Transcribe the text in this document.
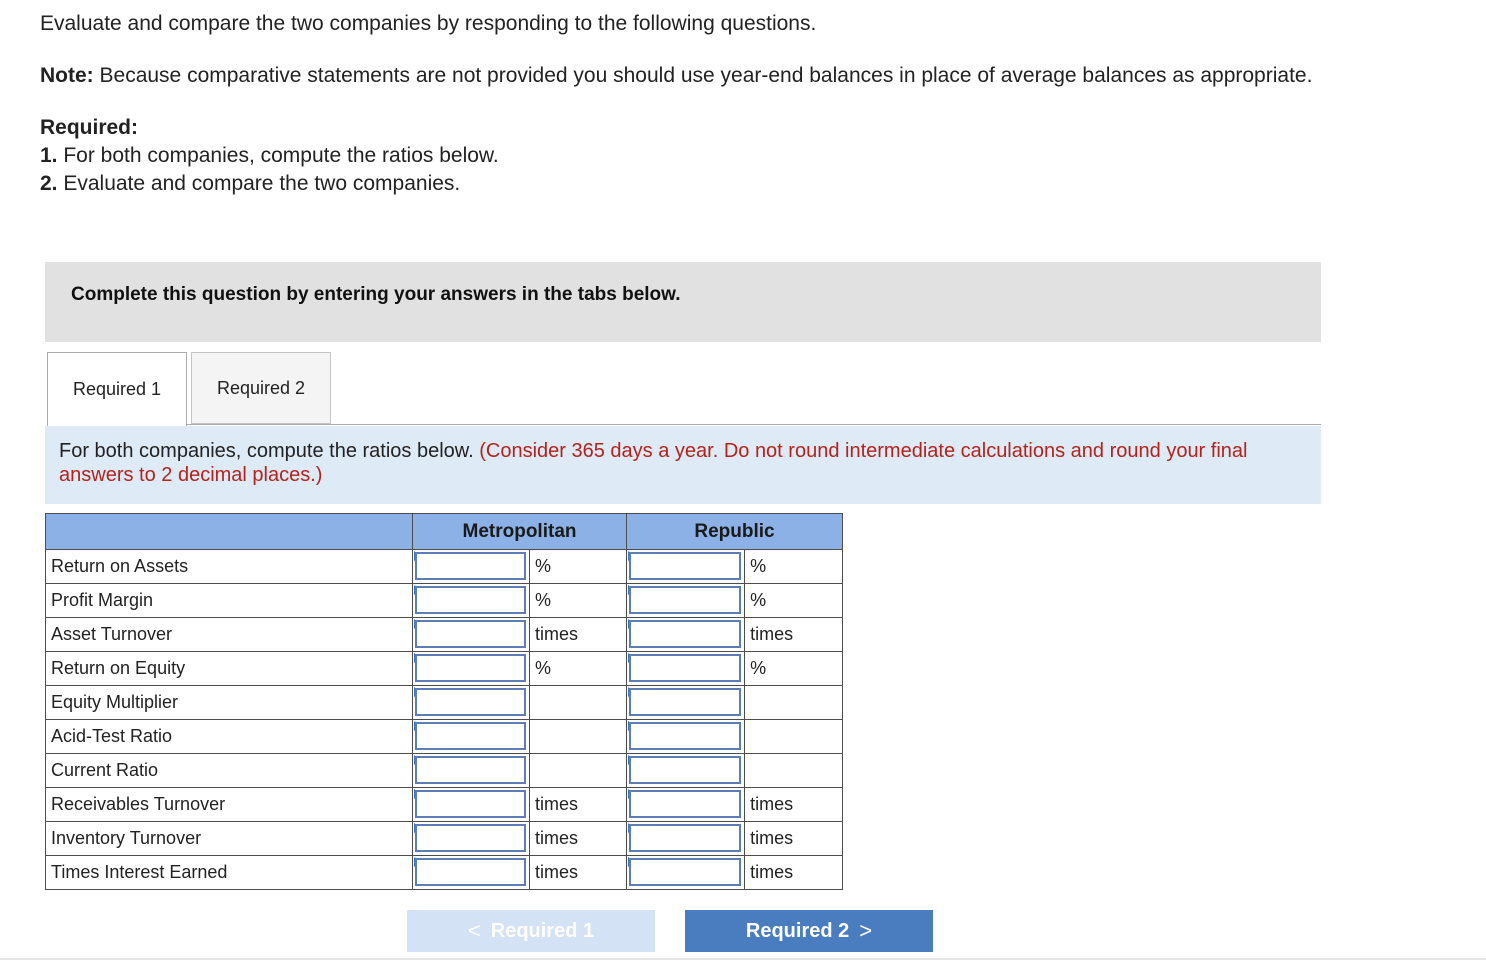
Evaluate and compare the two companies by responding to the following questions.

Note: Because comparative statements are not provided you should use year-end balances in place of average balances as appropriate.

Required:

1. For both companies, compute the ratios below.

2. Evaluate and compare the two companies.

Complete this question by entering your answers in the tabs below.
Required 1	Required 2
For both companies, compute the ratios below. (Consider 365 days a year. Do not round intermediate calculations and round your final answers to 2 decimal places.)
	Metropolitan		Republic	
Return on Assets		%		%
Profit Margin		%		%
Asset Turnover		times		times
Return on Equity		%		%
Equity Multiplier	

Acid-Test Ratio	

Current Ratio	

Receivables Turnover		times		times
Inventory Turnover		times		times
Times Interest Earned		times		times
< Required 1	Required 2 >
